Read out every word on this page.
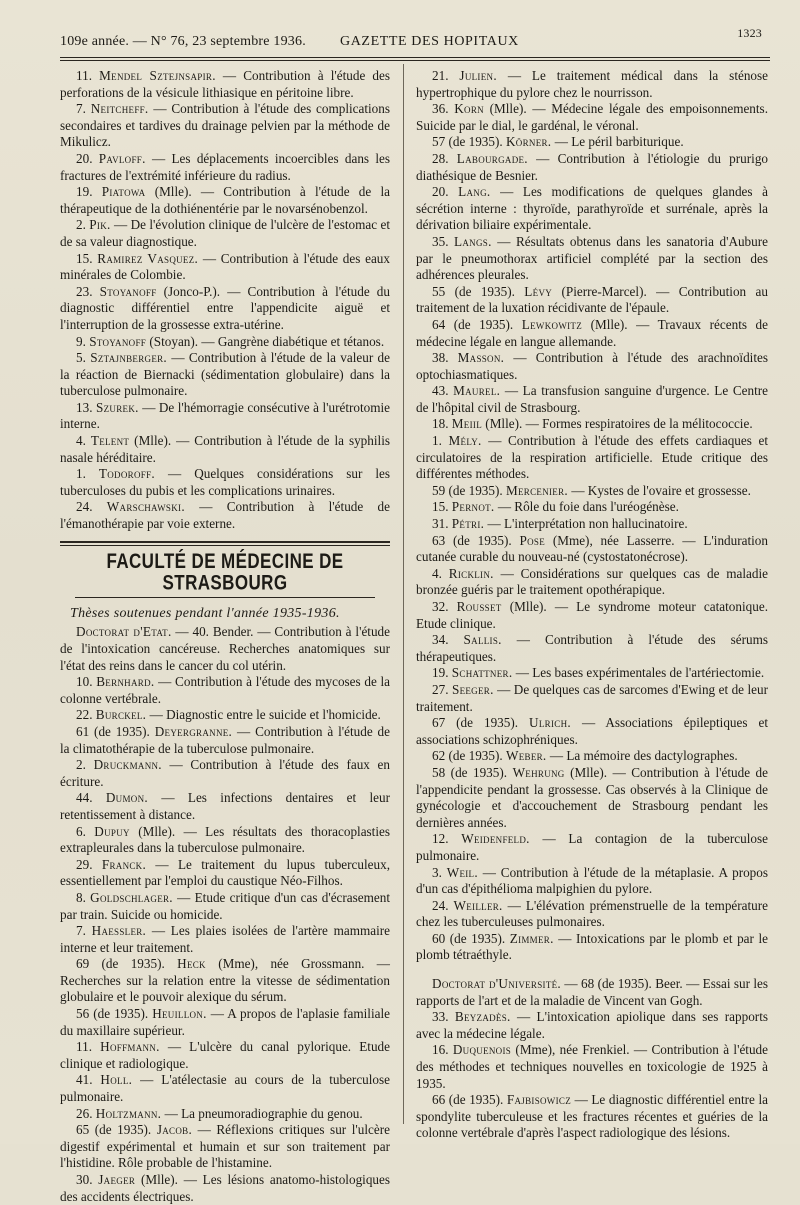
109e année. — N° 76, 23 septembre 1936. GAZETTE DES HOPITAUX
1323

11. Mendel Sztejnsapir. — Contribution à l'étude des perforations de la vésicule lithiasique en péritoine libre.

7. Neitcheff. — Contribution à l'étude des complications secondaires et tardives du drainage pelvien par la méthode de Mikulicz.

20. Pavloff. — Les déplacements incoercibles dans les fractures de l'extrémité inférieure du radius.

19. Piatowa (Mlle). — Contribution à l'étude de la thérapeutique de la dothiénentérie par le novarsénobenzol.

2. Pik. — De l'évolution clinique de l'ulcère de l'estomac et de sa valeur diagnostique.

15. Ramirez Vasquez. — Contribution à l'étude des eaux minérales de Colombie.

23. Stoyanoff (Jonco-P.). — Contribution à l'étude du diagnostic différentiel entre l'appendicite aiguë et l'interruption de la grossesse extra-utérine.

9. Stoyanoff (Stoyan). — Gangrène diabétique et tétanos.

5. Sztajnberger. — Contribution à l'étude de la valeur de la réaction de Biernacki (sédimentation globulaire) dans la tuberculose pulmonaire.

13. Szurek. — De l'hémorragie consécutive à l'urétrotomie interne.

4. Telent (Mlle). — Contribution à l'étude de la syphilis nasale héréditaire.

1. Todoroff. — Quelques considérations sur les tuberculoses du pubis et les complications urinaires.

24. Warschawski. — Contribution à l'étude de l'émanothérapie par voie externe.

FACULTÉ DE MÉDECINE DE STRASBOURG
Thèses soutenues pendant l'année 1935-1936.

Doctorat d'Etat. — 40. Bender. — Contribution à l'étude de l'intoxication cancéreuse. Recherches anatomiques sur l'état des reins dans le cancer du col utérin.

10. Bernhard. — Contribution à l'étude des mycoses de la colonne vertébrale.

22. Burckel. — Diagnostic entre le suicide et l'homicide.

61 (de 1935). Deyergranne. — Contribution à l'étude de la climatothérapie de la tuberculose pulmonaire.

2. Druckmann. — Contribution à l'étude des faux en écriture.

44. Dumon. — Les infections dentaires et leur retentissement à distance.

6. Dupuy (Mlle). — Les résultats des thoracoplasties extrapleurales dans la tuberculose pulmonaire.

29. Franck. — Le traitement du lupus tuberculeux, essentiellement par l'emploi du caustique Néo-Filhos.

8. Goldschlager. — Etude critique d'un cas d'écrasement par train. Suicide ou homicide.

7. Haessler. — Les plaies isolées de l'artère mammaire interne et leur traitement.

69 (de 1935). Heck (Mme), née Grossmann. — Recherches sur la relation entre la vitesse de sédimentation globulaire et le pouvoir alexique du sérum.

56 (de 1935). Heuillon. — A propos de l'aplasie familiale du maxillaire supérieur.

11. Hoffmann. — L'ulcère du canal pylorique. Etude clinique et radiologique.

41. Holl. — L'atélectasie au cours de la tuberculose pulmonaire.

26. Holtzmann. — La pneumoradiographie du genou.

65 (de 1935). Jacob. — Réflexions critiques sur l'ulcère digestif expérimental et humain et sur son traitement par l'histidine. Rôle probable de l'histamine.

30. Jaeger (Mlle). — Les lésions anatomo-histologiques des accidents électriques.

21. Julien. — Le traitement médical dans la sténose hypertrophique du pylore chez le nourrisson.

36. Korn (Mlle). — Médecine légale des empoisonnements. Suicide par le dial, le gardénal, le véronal.

57 (de 1935). Körner. — Le péril barbiturique.

28. Labourgade. — Contribution à l'étiologie du prurigo diathésique de Besnier.

20. Lang. — Les modifications de quelques glandes à sécrétion interne : thyroïde, parathyroïde et surrénale, après la dérivation biliaire expérimentale.

35. Langs. — Résultats obtenus dans les sanatoria d'Aubure par le pneumothorax artificiel complété par la section des adhérences pleurales.

55 (de 1935). Lévy (Pierre-Marcel). — Contribution au traitement de la luxation récidivante de l'épaule.

64 (de 1935). Lewkowitz (Mlle). — Travaux récents de médecine légale en langue allemande.

38. Masson. — Contribution à l'étude des arachnoïdites optochiasmatiques.

43. Maurel. — La transfusion sanguine d'urgence. Le Centre de l'hôpital civil de Strasbourg.

18. Meiil (Mlle). — Formes respiratoires de la mélitococcie.

1. Mély. — Contribution à l'étude des effets cardiaques et circulatoires de la respiration artificielle. Etude critique des différentes méthodes.

59 (de 1935). Mercenier. — Kystes de l'ovaire et grossesse.

15. Pernot. — Rôle du foie dans l'uréogénèse.

31. Pétri. — L'interprétation non hallucinatoire.

63 (de 1935). Pose (Mme), née Lasserre. — L'induration cutanée curable du nouveau-né (cystostatonécrose).

4. Ricklin. — Considérations sur quelques cas de maladie bronzée guéris par le traitement opothérapique.

32. Rousset (Mlle). — Le syndrome moteur catatonique. Etude clinique.

34. Sallis. — Contribution à l'étude des sérums thérapeutiques.

19. Schattner. — Les bases expérimentales de l'artériectomie.

27. Seeger. — De quelques cas de sarcomes d'Ewing et de leur traitement.

67 (de 1935). Ulrich. — Associations épileptiques et associations schizophréniques.

62 (de 1935). Weber. — La mémoire des dactylographes.

58 (de 1935). Wehrung (Mlle). — Contribution à l'étude de l'appendicite pendant la grossesse. Cas observés à la Clinique de gynécologie et d'accouchement de Strasbourg pendant les dernières années.

12. Weidenfeld. — La contagion de la tuberculose pulmonaire.

3. Weil. — Contribution à l'étude de la métaplasie. A propos d'un cas d'épithélioma malpighien du pylore.

24. Weiller. — L'élévation prémenstruelle de la température chez les tuberculeuses pulmonaires.

60 (de 1935). Zimmer. — Intoxications par le plomb et par le plomb tétraéthyle.

Doctorat d'Université. — 68 (de 1935). Beer. — Essai sur les rapports de l'art et de la maladie de Vincent van Gogh.

33. Beyzadès. — L'intoxication apiolique dans ses rapports avec la médecine légale.

16. Duquenois (Mme), née Frenkiel. — Contribution à l'étude des méthodes et techniques nouvelles en toxicologie de 1925 à 1935.

66 (de 1935). Fajbisowicz — Le diagnostic différentiel entre la spondylite tuberculeuse et les fractures récentes et guéries de la colonne vertébrale d'après l'aspect radiologique des lésions.
